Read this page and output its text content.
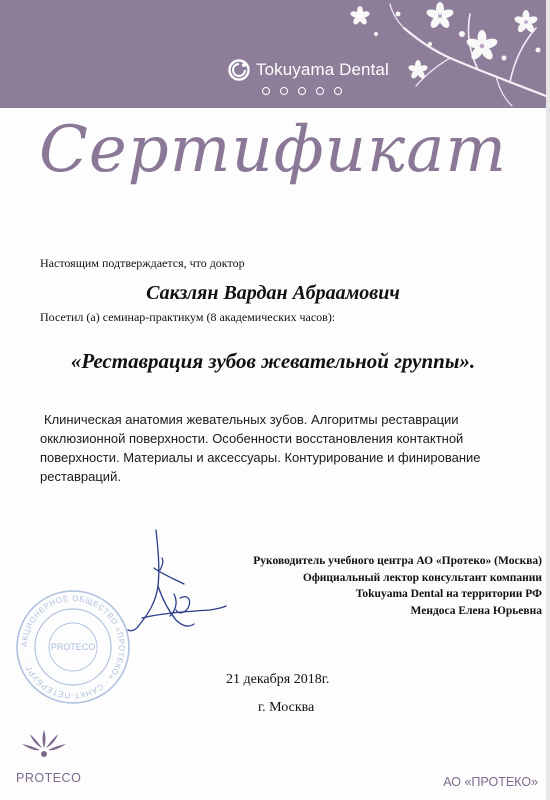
Tokuyama Dental
Сертификат
Настоящим подтверждается, что доктор
Сакзлян Вардан Абраамович
Посетил (а) семинар-практикум (8 академических часов):
«Реставрация зубов жевательной группы».
Клиническая анатомия жевательных зубов. Алгоритмы реставрации окклюзионной поверхности. Особенности восстановления контактной поверхности. Материалы и аксессуары. Контурирование и финирование реставраций.
АКЦИОНЕРНОЕ ОБЩЕСТВО «ПРОТЕКО» · САНКТ-ПЕТЕРБУРГ ·
PROTECO
Руководитель учебного центра АО «Протеко» (Москва)
Официальный лектор консультант компании
Tokuyama Dental на территории РФ
Мендоса Елена Юрьевна
21 декабря 2018г.
г. Москва
PROTECO	АО «ПРОТЕКО»
